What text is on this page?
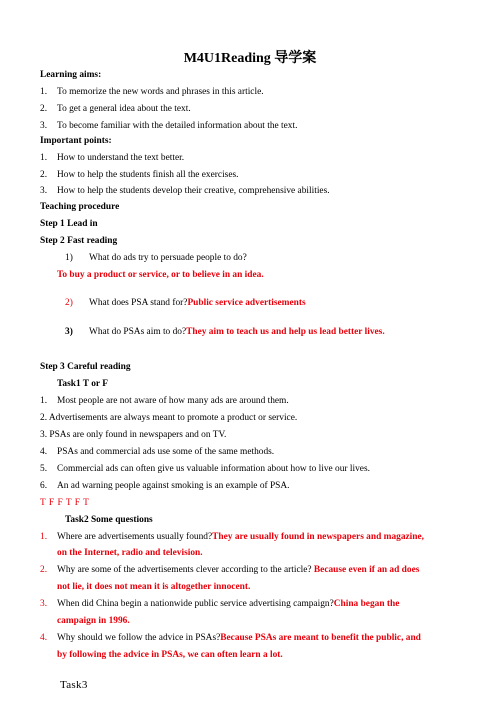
M4U1Reading 导学案
Learning aims:
1. To memorize the new words and phrases in this article.
2. To get a general idea about the text.
3. To become familiar with the detailed information about the text.
Important points:
1. How to understand the text better.
2. How to help the students finish all the exercises.
3. How to help the students develop their creative, comprehensive abilities.
Teaching procedure
Step 1 Lead in
Step 2 Fast reading
1) What do ads try to persuade people to do?
To buy a product or service, or to believe in an idea.
2) What does PSA stand for?Public service advertisements
3) What do PSAs aim to do?They aim to teach us and help us lead better lives.
Step 3 Careful reading
Task1 T or F
1. Most people are not aware of how many ads are around them.
2. Advertisements are always meant to promote a product or service.
3. PSAs are only found in newspapers and on TV.
4. PSAs and commercial ads use some of the same methods.
5. Commercial ads can often give us valuable information about how to live our lives.
6. An ad warning people against smoking is an example of PSA.
T F F T F T
Task2 Some questions
1. Where are advertisements usually found?They are usually found in newspapers and magazine,
on the Internet, radio and television.
2. Why are some of the advertisements clever according to the article? Because even if an ad does
not lie, it does not mean it is altogether innocent.
3. When did China begin a nationwide public service advertising campaign?China began the
campaign in 1996.
4. Why should we follow the advice in PSAs?Because PSAs are meant to benefit the public, and
by following the advice in PSAs, we can often learn a lot.
Task3
